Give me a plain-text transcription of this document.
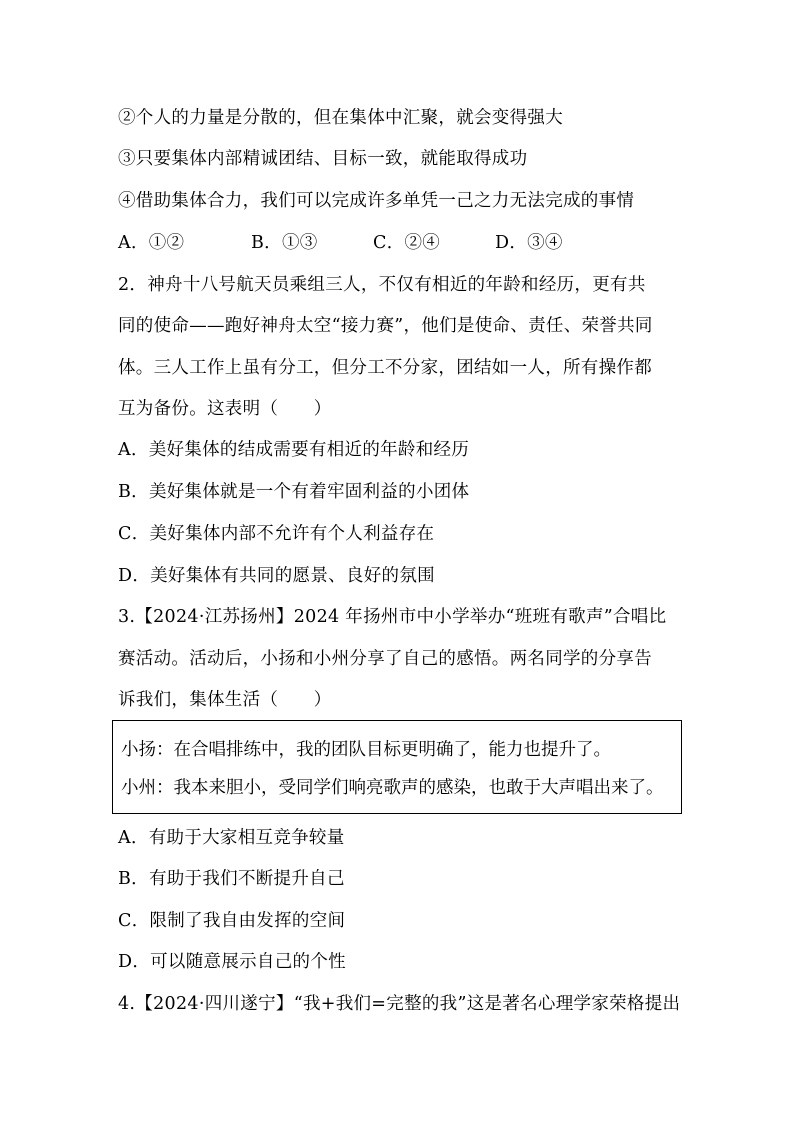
②个人的力量是分散的，但在集体中汇聚，就会变得强大
③只要集体内部精诚团结、目标一致，就能取得成功
④借助集体合力，我们可以完成许多单凭一己之力无法完成的事情
A．①②	B．①③	C．②④	D．③④
2．神舟十八号航天员乘组三人，不仅有相近的年龄和经历，更有共
同的使命——跑好神舟太空“接力赛”，他们是使命、责任、荣誉共同
体。三人工作上虽有分工，但分工不分家，团结如一人，所有操作都
互为备份。这表明（　　）
A．美好集体的结成需要有相近的年龄和经历
B．美好集体就是一个有着牢固利益的小团体
C．美好集体内部不允许有个人利益存在
D．美好集体有共同的愿景、良好的氛围
3.【2024·江苏扬州】2024 年扬州市中小学举办“班班有歌声”合唱比
赛活动。活动后，小扬和小州分享了自己的感悟。两名同学的分享告
诉我们，集体生活（　　）
小扬：在合唱排练中，我的团队目标更明确了，能力也提升了。
小州：我本来胆小，受同学们响亮歌声的感染，也敢于大声唱出来了。
A．有助于大家相互竞争较量
B．有助于我们不断提升自己
C．限制了我自由发挥的空间
D．可以随意展示自己的个性
4.【2024·四川遂宁】“我+我们=完整的我”这是著名心理学家荣格提出
